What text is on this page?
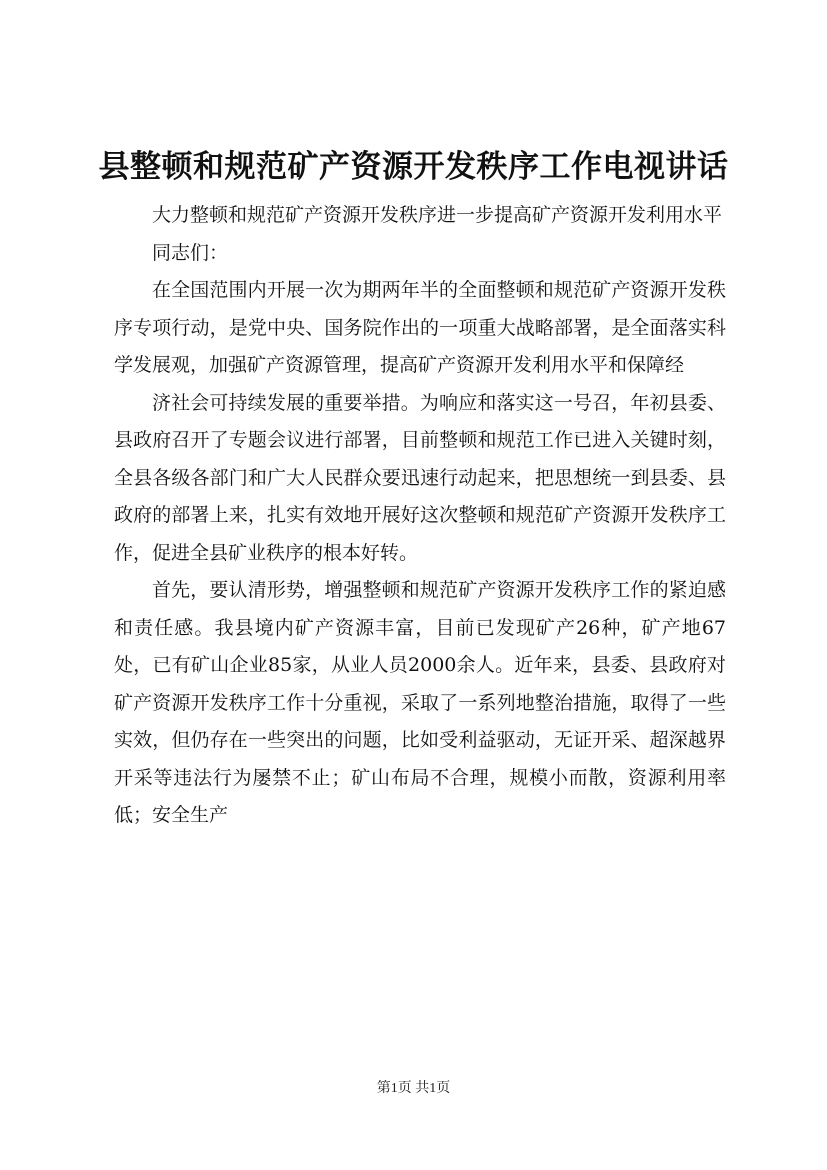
县整顿和规范矿产资源开发秩序工作电视讲话

大力整顿和规范矿产资源开发秩序进一步提高矿产资源开发利用水平

同志们：

在全国范围内开展一次为期两年半的全面整顿和规范矿产资源开发秩序专项行动，是党中央、国务院作出的一项重大战略部署，是全面落实科学发展观，加强矿产资源管理，提高矿产资源开发利用水平和保障经

济社会可持续发展的重要举措。为响应和落实这一号召，年初县委、县政府召开了专题会议进行部署，目前整顿和规范工作已进入关键时刻，全县各级各部门和广大人民群众要迅速行动起来，把思想统一到县委、县政府的部署上来，扎实有效地开展好这次整顿和规范矿产资源开发秩序工作，促进全县矿业秩序的根本好转。

首先，要认清形势，增强整顿和规范矿产资源开发秩序工作的紧迫感和责任感。我县境内矿产资源丰富，目前已发现矿产26种，矿产地67处，已有矿山企业85家，从业人员2000余人。近年来，县委、县政府对矿产资源开发秩序工作十分重视，采取了一系列地整治措施，取得了一些实效，但仍存在一些突出的问题，比如受利益驱动，无证开采、超深越界开采等违法行为屡禁不止；矿山布局不合理，规模小而散，资源利用率低；安全生产

第1页 共1页
